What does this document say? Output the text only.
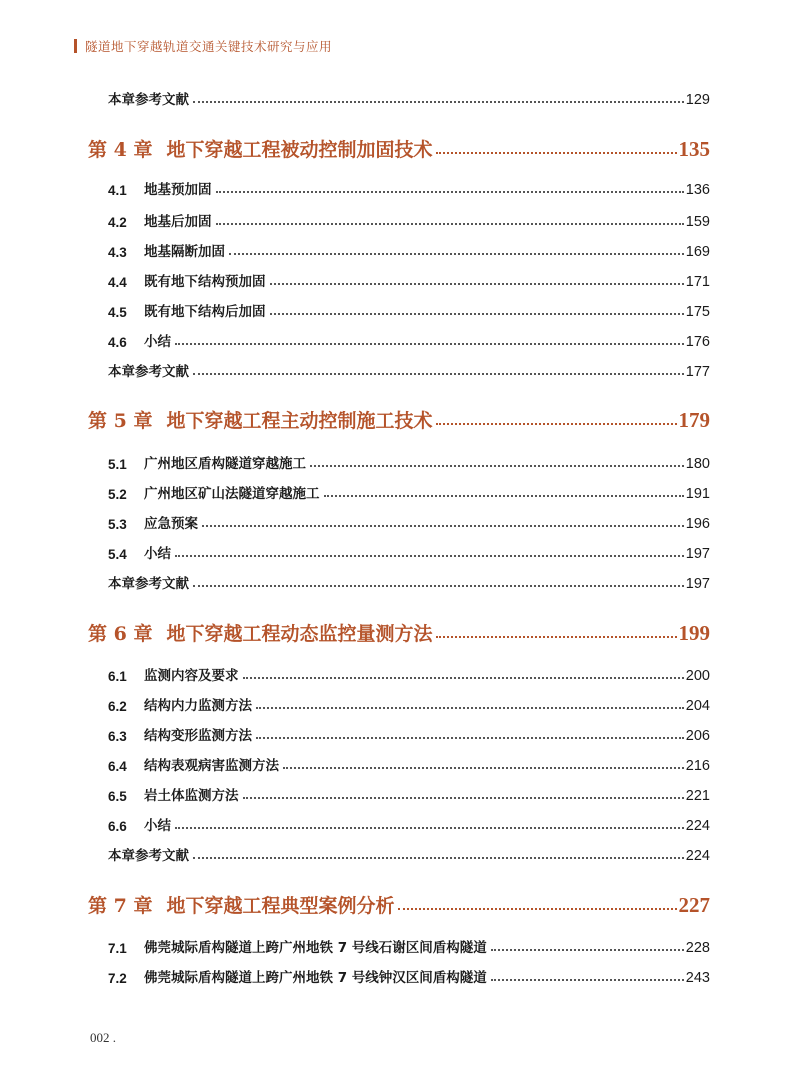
隧道地下穿越轨道交通关键技术研究与应用
本章参考文献	129
第 4 章 地下穿越工程被动控制加固技术	135
4.1	地基预加固	136
4.2	地基后加固	159
4.3	地基隔断加固	169
4.4	既有地下结构预加固	171
4.5	既有地下结构后加固	175
4.6	小结	176
本章参考文献	177
第 5 章 地下穿越工程主动控制施工技术	179
5.1	广州地区盾构隧道穿越施工	180
5.2	广州地区矿山法隧道穿越施工	191
5.3	应急预案	196
5.4	小结	197
本章参考文献	197
第 6 章 地下穿越工程动态监控量测方法	199
6.1	监测内容及要求	200
6.2	结构内力监测方法	204
6.3	结构变形监测方法	206
6.4	结构表观病害监测方法	216
6.5	岩土体监测方法	221
6.6	小结	224
本章参考文献	224
第 7 章 地下穿越工程典型案例分析	227
7.1	佛莞城际盾构隧道上跨广州地铁 7 号线石谢区间盾构隧道	228
7.2	佛莞城际盾构隧道上跨广州地铁 7 号线钟汉区间盾构隧道	243
002 .
